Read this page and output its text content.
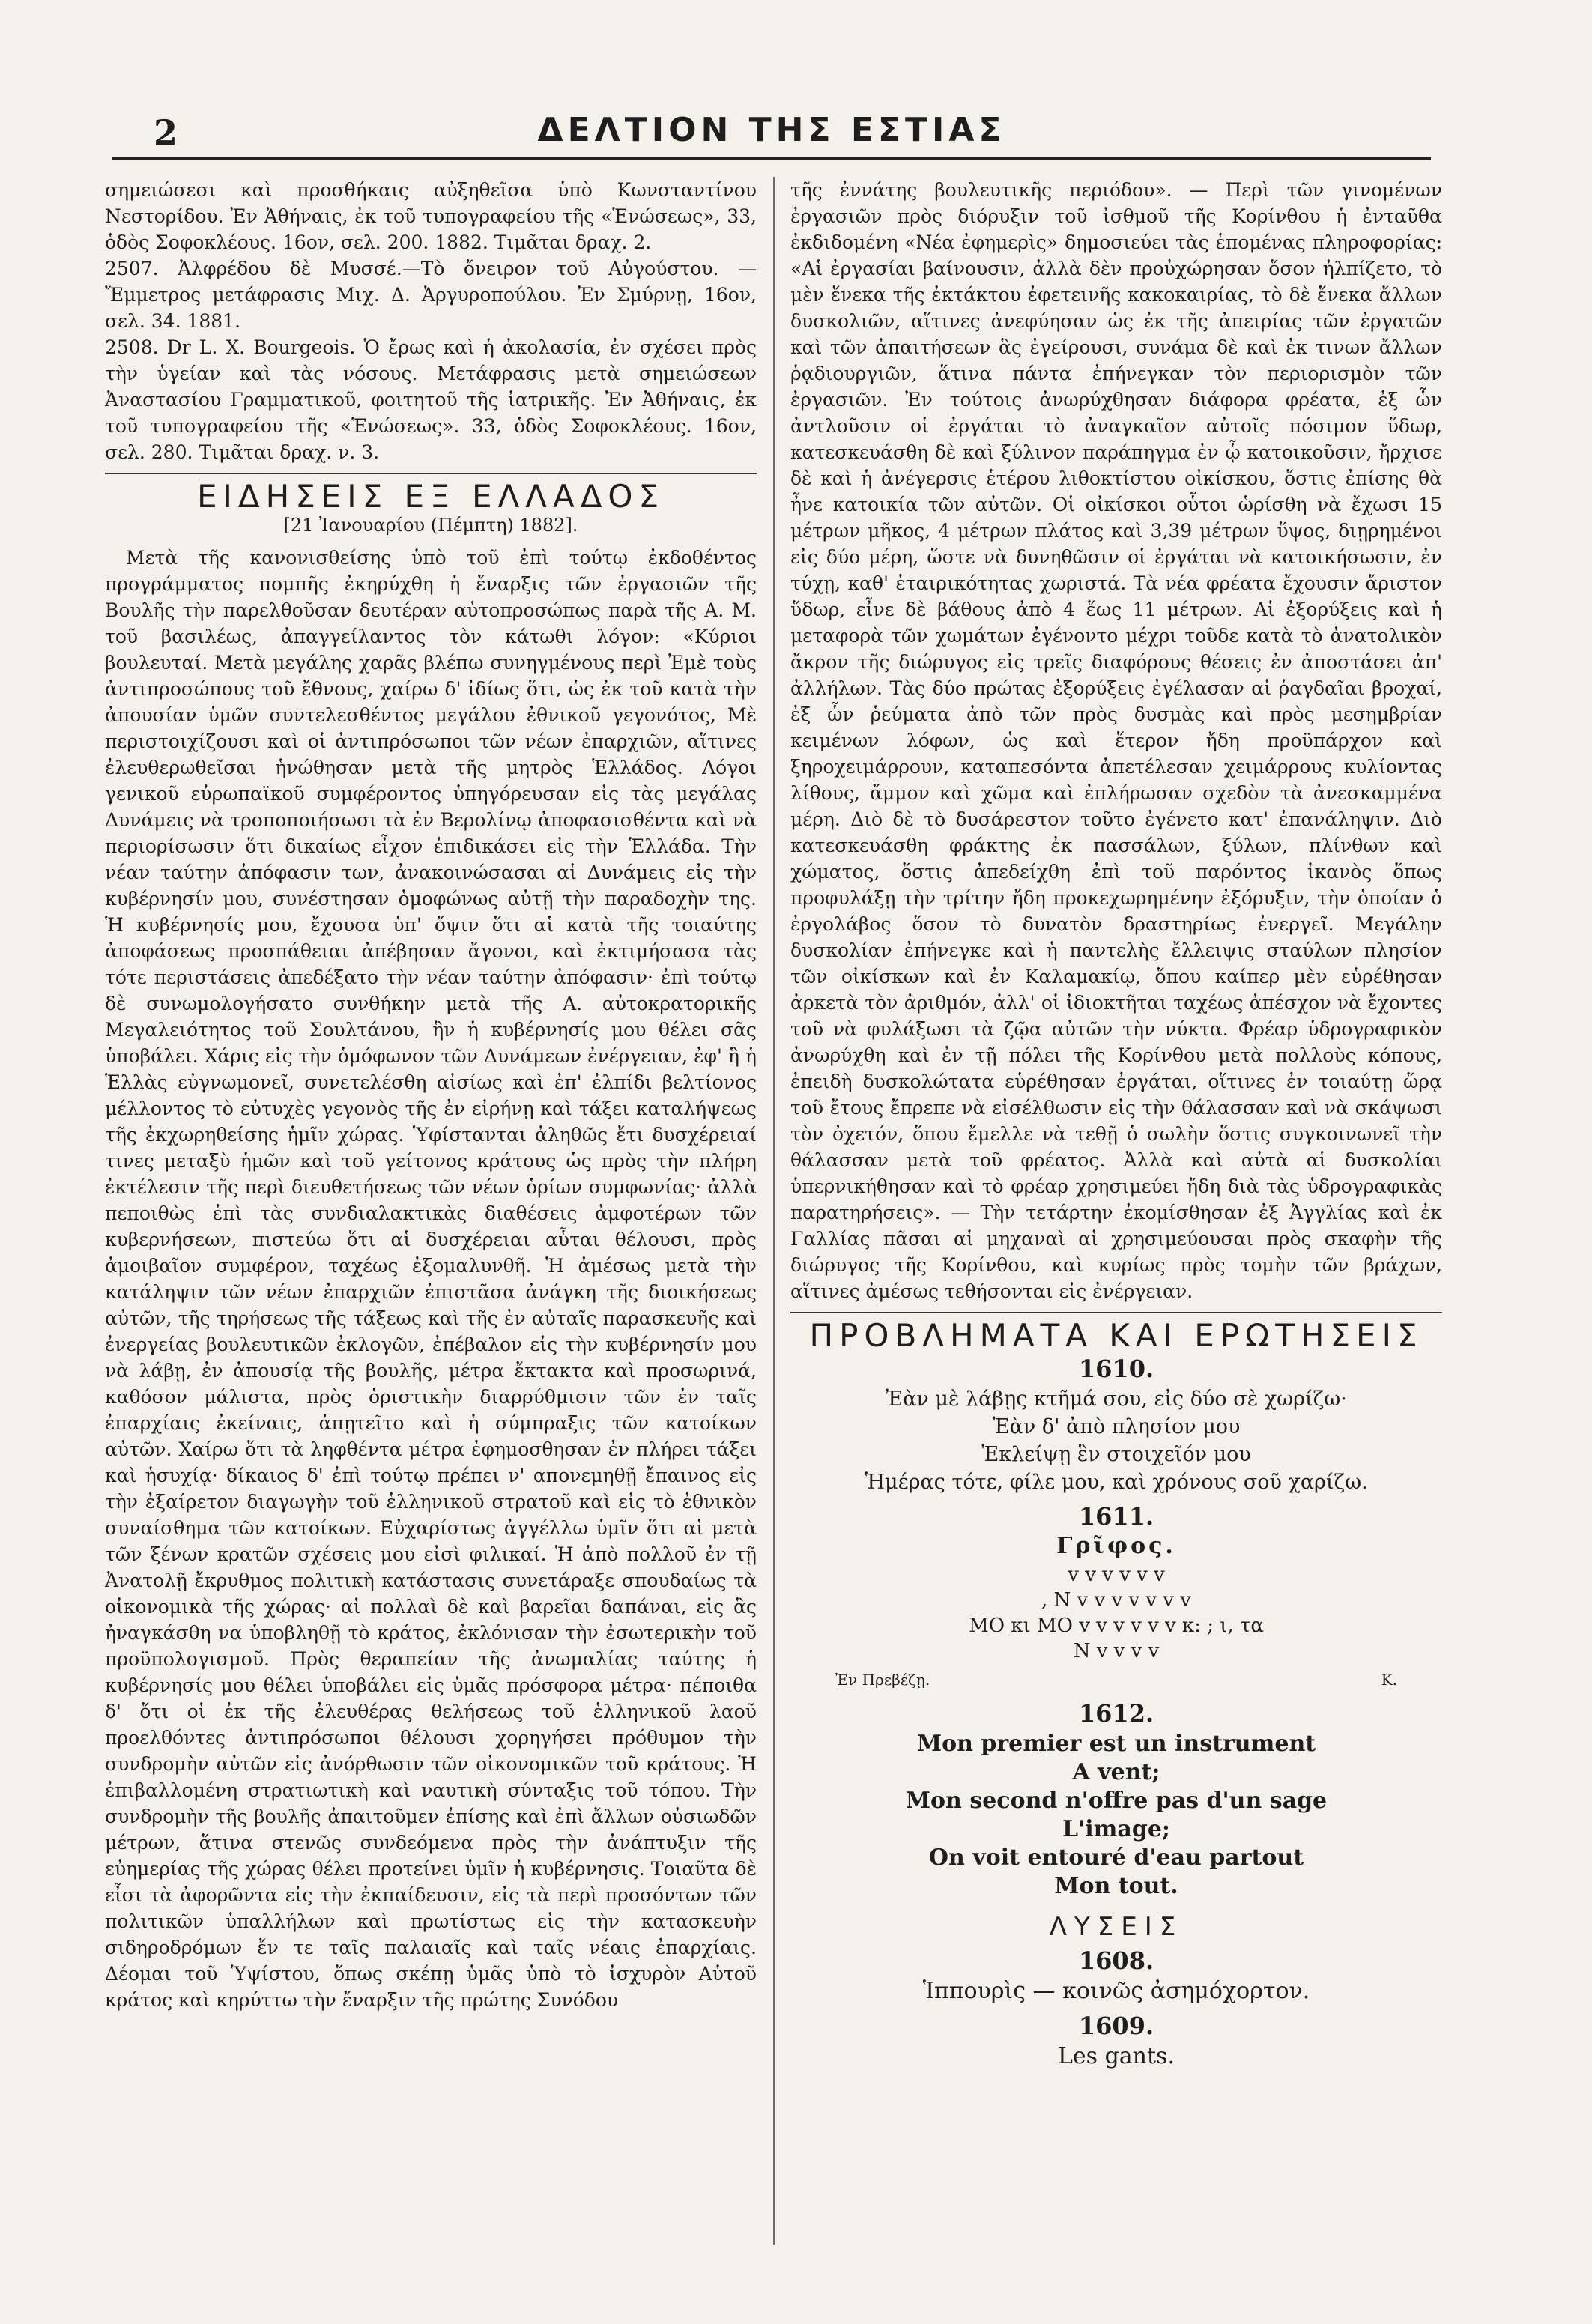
2	ΔΕΛΤΙΟΝ ΤΗΣ ΕΣΤΙΑΣ

σημειώσεσι καὶ προσθήκαις αὐξηθεῖσα ὑπὸ Κωνσταντίνου Νεστορίδου. Ἐν Ἀθήναις, ἐκ τοῦ τυπογραφείου τῆς «Ἑνώσεως», 33, ὁδὸς Σοφοκλέους. 16ον, σελ. 200. 1882. Τιμᾶται δραχ. 2.

2507. Ἀλφρέδου δὲ Μυσσέ.—Τὸ ὄνειρον τοῦ Αὐγούστου. — Ἔμμετρος μετάφρασις Μιχ. Δ. Ἀργυροπούλου. Ἐν Σμύρνῃ, 16ον, σελ. 34. 1881.

2508. Dr L. X. Bourgeois. Ὁ ἔρως καὶ ἡ ἀκολασία, ἐν σχέσει πρὸς τὴν ὑγείαν καὶ τὰς νόσους. Μετάφρασις μετὰ σημειώσεων Ἀναστασίου Γραμματικοῦ, φοιτητοῦ τῆς ἰατρικῆς. Ἐν Ἀθήναις, ἐκ τοῦ τυπογραφείου τῆς «Ἑνώσεως». 33, ὁδὸς Σοφοκλέους. 16ον, σελ. 280. Τιμᾶται δραχ. ν. 3.

ΕΙΔΗΣΕΙΣ ΕΞ ΕΛΛΑΔΟΣ
[21 Ἰανουαρίου (Πέμπτη) 1882].

Μετὰ τῆς κανονισθείσης ὑπὸ τοῦ ἐπὶ τούτῳ ἐκδοθέντος προγράμματος πομπῆς ἐκηρύχθη ἡ ἔναρξις τῶν ἐργασιῶν τῆς Βουλῆς τὴν παρελθοῦσαν δευτέραν αὐτοπροσώπως παρὰ τῆς Α. Μ. τοῦ βασιλέως, ἀπαγγείλαντος τὸν κάτωθι λόγον: «Κύριοι βουλευταί. Μετὰ μεγάλης χαρᾶς βλέπω συνηγμένους περὶ Ἐμὲ τοὺς ἀντιπροσώπους τοῦ ἔθνους, χαίρω δ' ἰδίως ὅτι, ὡς ἐκ τοῦ κατὰ τὴν ἀπουσίαν ὑμῶν συντελεσθέντος μεγάλου ἐθνικοῦ γεγονότος, Μὲ περιστοιχίζουσι καὶ οἱ ἀντιπρόσωποι τῶν νέων ἐπαρχιῶν, αἵτινες ἐλευθερωθεῖσαι ἡνώθησαν μετὰ τῆς μητρὸς Ἑλλάδος. Λόγοι γενικοῦ εὐρωπαϊκοῦ συμφέροντος ὑπηγόρευσαν εἰς τὰς μεγάλας Δυνάμεις νὰ τροποποιήσωσι τὰ ἐν Βερολίνῳ ἀποφασισθέντα καὶ νὰ περιορίσωσιν ὅτι δικαίως εἶχον ἐπιδικάσει εἰς τὴν Ἑλλάδα. Τὴν νέαν ταύτην ἀπόφασιν των, ἀνακοινώσασαι αἱ Δυνάμεις εἰς τὴν κυβέρνησίν μου, συνέστησαν ὁμοφώνως αὐτῇ τὴν παραδοχὴν της. Ἡ κυβέρνησίς μου, ἔχουσα ὑπ' ὄψιν ὅτι αἱ κατὰ τῆς τοιαύτης ἀποφάσεως προσπάθειαι ἀπέβησαν ἄγονοι, καὶ ἐκτιμήσασα τὰς τότε περιστάσεις ἀπεδέξατο τὴν νέαν ταύτην ἀπόφασιν· ἐπὶ τούτῳ δὲ συνωμολογήσατο συνθήκην μετὰ τῆς Α. αὐτοκρατορικῆς Μεγαλειότητος τοῦ Σουλτάνου, ἣν ἡ κυβέρνησίς μου θέλει σᾶς ὑποβάλει. Χάρις εἰς τὴν ὁμόφωνον τῶν Δυνάμεων ἐνέργειαν, ἐφ' ἣ ἡ Ἑλλὰς εὐγνωμονεῖ, συνετελέσθη αἰσίως καὶ ἐπ' ἐλπίδι βελτίονος μέλλοντος τὸ εὐτυχὲς γεγονὸς τῆς ἐν εἰρήνῃ καὶ τάξει καταλήψεως τῆς ἐκχωρηθείσης ἡμῖν χώρας. Ὑφίστανται ἀληθῶς ἔτι δυσχέρειαί τινες μεταξὺ ἡμῶν καὶ τοῦ γείτονος κράτους ὡς πρὸς τὴν πλήρη ἐκτέλεσιν τῆς περὶ διευθετήσεως τῶν νέων ὁρίων συμφωνίας· ἀλλὰ πεποιθὼς ἐπὶ τὰς συνδιαλακτικὰς διαθέσεις ἀμφοτέρων τῶν κυβερνήσεων, πιστεύω ὅτι αἱ δυσχέρειαι αὗται θέλουσι, πρὸς ἀμοιβαῖον συμφέρον, ταχέως ἐξομαλυνθῆ. Ἡ ἀμέσως μετὰ τὴν κατάληψιν τῶν νέων ἐπαρχιῶν ἐπιστᾶσα ἀνάγκη τῆς διοικήσεως αὐτῶν, τῆς τηρήσεως τῆς τάξεως καὶ τῆς ἐν αὐταῖς παρασκευῆς καὶ ἐνεργείας βουλευτικῶν ἐκλογῶν, ἐπέβαλον εἰς τὴν κυβέρνησίν μου νὰ λάβῃ, ἐν ἀπουσίᾳ τῆς βουλῆς, μέτρα ἔκτακτα καὶ προσωρινά, καθόσον μάλιστα, πρὸς ὁριστικὴν διαρρύθμισιν τῶν ἐν ταῖς ἐπαρχίαις ἐκείναις, ἀπῃτεῖτο καὶ ἡ σύμπραξις τῶν κατοίκων αὐτῶν. Χαίρω ὅτι τὰ ληφθέντα μέτρα ἐφημοσθησαν ἐν πλήρει τάξει καὶ ἡσυχίᾳ· δίκαιος δ' ἐπὶ τούτῳ πρέπει ν' απονεμηθῇ ἔπαινος εἰς τὴν ἐξαίρετον διαγωγὴν τοῦ ἑλληνικοῦ στρατοῦ καὶ εἰς τὸ ἐθνικὸν συναίσθημα τῶν κατοίκων. Εὐχαρίστως ἀγγέλλω ὑμῖν ὅτι αἱ μετὰ τῶν ξένων κρατῶν σχέσεις μου εἰσὶ φιλικαί. Ἡ ἀπὸ πολλοῦ ἐν τῇ Ἀνατολῇ ἔκρυθμος πολιτικὴ κατάστασις συνετάραξε σπουδαίως τὰ οἰκονομικὰ τῆς χώρας· αἱ πολλαὶ δὲ καὶ βαρεῖαι δαπάναι, εἰς ἃς ἠναγκάσθη να ὑποβληθῇ τὸ κράτος, ἐκλόνισαν τὴν ἐσωτερικὴν τοῦ προϋπολογισμοῦ. Πρὸς θεραπείαν τῆς ἀνωμαλίας ταύτης ἡ κυβέρνησίς μου θέλει ὑποβάλει εἰς ὑμᾶς πρόσφορα μέτρα· πέποιθα δ' ὅτι οἱ ἐκ τῆς ἐλευθέρας θελήσεως τοῦ ἑλληνικοῦ λαοῦ προελθόντες ἀντιπρόσωποι θέλουσι χορηγήσει πρόθυμον τὴν συνδρομὴν αὐτῶν εἰς ἀνόρθωσιν τῶν οἰκονομικῶν τοῦ κράτους. Ἡ ἐπιβαλλομένη στρατιωτικὴ καὶ ναυτικὴ σύνταξις τοῦ τόπου. Τὴν συνδρομὴν τῆς βουλῆς ἀπαιτοῦμεν ἐπίσης καὶ ἐπὶ ἄλλων οὐσιωδῶν μέτρων, ἅτινα στενῶς συνδεόμενα πρὸς τὴν ἀνάπτυξιν τῆς εὐημερίας τῆς χώρας θέλει προτείνει ὑμῖν ἡ κυβέρνησις. Τοιαῦτα δὲ εἶσι τὰ ἀφορῶντα εἰς τὴν ἐκπαίδευσιν, εἰς τὰ περὶ προσόντων τῶν πολιτικῶν ὑπαλλήλων καὶ πρωτίστως εἰς τὴν κατασκευὴν σιδηροδρόμων ἔν τε ταῖς παλαιαῖς καὶ ταῖς νέαις ἐπαρχίαις. Δέομαι τοῦ Ὑψίστου, ὅπως σκέπῃ ὑμᾶς ὑπὸ τὸ ἰσχυρὸν Αὐτοῦ κράτος καὶ κηρύττω τὴν ἔναρξιν τῆς πρώτης Συνόδου

τῆς ἐννάτης βουλευτικῆς περιόδου». — Περὶ τῶν γινομένων ἐργασιῶν πρὸς διόρυξιν τοῦ ἰσθμοῦ τῆς Κορίνθου ἡ ἐνταῦθα ἐκδιδομένη «Νέα ἐφημερὶς» δημοσιεύει τὰς ἑπομένας πληροφορίας: «Αἱ ἐργασίαι βαίνουσιν, ἀλλὰ δὲν προὐχώρησαν ὅσον ἠλπίζετο, τὸ μὲν ἕνεκα τῆς ἐκτάκτου ἐφετεινῆς κακοκαιρίας, τὸ δὲ ἕνεκα ἄλλων δυσκολιῶν, αἵτινες ἀνεφύησαν ὡς ἐκ τῆς ἀπειρίας τῶν ἐργατῶν καὶ τῶν ἀπαιτήσεων ἃς ἐγείρουσι, συνάμα δὲ καὶ ἐκ τινων ἄλλων ῥᾳδιουργιῶν, ἅτινα πάντα ἐπήνεγκαν τὸν περιορισμὸν τῶν ἐργασιῶν. Ἐν τούτοις ἀνωρύχθησαν διάφορα φρέατα, ἐξ ὧν ἀντλοῦσιν οἱ ἐργάται τὸ ἀναγκαῖον αὐτοῖς πόσιμον ὕδωρ, κατεσκευάσθη δὲ καὶ ξύλινον παράπηγμα ἐν ᾧ κατοικοῦσιν, ἤρχισε δὲ καὶ ἡ ἀνέγερσις ἑτέρου λιθοκτίστου οἰκίσκου, ὅστις ἐπίσης θὰ ἦνε κατοικία τῶν αὐτῶν. Οἱ οἰκίσκοι οὗτοι ὡρίσθη νὰ ἔχωσι 15 μέτρων μῆκος, 4 μέτρων πλάτος καὶ 3,39 μέτρων ὕψος, διῃρημένοι εἰς δύο μέρη, ὥστε νὰ δυνηθῶσιν οἱ ἐργάται νὰ κατοικήσωσιν, ἐν τύχῃ, καθ' ἑταιρικότητας χωριστά. Τὰ νέα φρέατα ἔχουσιν ἄριστον ὕδωρ, εἶνε δὲ βάθους ἀπὸ 4 ἕως 11 μέτρων. Αἱ ἐξορύξεις καὶ ἡ μεταφορὰ τῶν χωμάτων ἐγένοντο μέχρι τοῦδε κατὰ τὸ ἀνατολικὸν ἄκρον τῆς διώρυγος εἰς τρεῖς διαφόρους θέσεις ἐν ἀποστάσει ἀπ' ἀλλήλων. Τὰς δύο πρώτας ἐξορύξεις ἐγέλασαν αἱ ῥαγδαῖαι βροχαί, ἐξ ὧν ῥεύματα ἀπὸ τῶν πρὸς δυσμὰς καὶ πρὸς μεσημβρίαν κειμένων λόφων, ὡς καὶ ἕτερον ἤδη προϋπάρχον καὶ ξηροχειμάρρουν, καταπεσόντα ἀπετέλεσαν χειμάρρους κυλίοντας λίθους, ἄμμον καὶ χῶμα καὶ ἐπλήρωσαν σχεδὸν τὰ ἀνεσκαμμένα μέρη. Διὸ δὲ τὸ δυσάρεστον τοῦτο ἐγένετο κατ' ἐπανάληψιν. Διὸ κατεσκευάσθη φράκτης ἐκ πασσάλων, ξύλων, πλίνθων καὶ χώματος, ὅστις ἀπεδείχθη ἐπὶ τοῦ παρόντος ἱκανὸς ὅπως προφυλάξῃ τὴν τρίτην ἤδη προκεχωρημένην ἐξόρυξιν, τὴν ὁποίαν ὁ ἐργολάβος ὅσον τὸ δυνατὸν δραστηρίως ἐνεργεῖ. Μεγάλην δυσκολίαν ἐπήνεγκε καὶ ἡ παντελὴς ἔλλειψις σταύλων πλησίον τῶν οἰκίσκων καὶ ἐν Καλαμακίῳ, ὅπου καίπερ μὲν εὑρέθησαν ἀρκετὰ τὸν ἀριθμόν, ἀλλ' οἱ ἰδιοκτῆται ταχέως ἀπέσχον νὰ ἔχοντες τοῦ νὰ φυλάξωσι τὰ ζῷα αὐτῶν τὴν νύκτα. Φρέαρ ὑδρογραφικὸν ἀνωρύχθη καὶ ἐν τῇ πόλει τῆς Κορίνθου μετὰ πολλοὺς κόπους, ἐπειδὴ δυσκολώτατα εὑρέθησαν ἐργάται, οἵτινες ἐν τοιαύτῃ ὥρᾳ τοῦ ἔτους ἔπρεπε νὰ εἰσέλθωσιν εἰς τὴν θάλασσαν καὶ νὰ σκάψωσι τὸν ὀχετόν, ὅπου ἔμελλε νὰ τεθῇ ὁ σωλὴν ὅστις συγκοινωνεῖ τὴν θάλασσαν μετὰ τοῦ φρέατος. Ἀλλὰ καὶ αὐτὰ αἱ δυσκολίαι ὑπερνικήθησαν καὶ τὸ φρέαρ χρησιμεύει ἤδη διὰ τὰς ὑδρογραφικὰς παρατηρήσεις». — Τὴν τετάρτην ἐκομίσθησαν ἐξ Ἀγγλίας καὶ ἐκ Γαλλίας πᾶσαι αἱ μηχαναὶ αἱ χρησιμεύουσαι πρὸς σκαφὴν τῆς διώρυγος τῆς Κορίνθου, καὶ κυρίως πρὸς τομὴν τῶν βράχων, αἵτινες ἀμέσως τεθήσονται εἰς ἐνέργειαν.

ΠΡΟΒΛΗΜΑΤΑ ΚΑΙ ΕΡΩΤΗΣΕΙΣ
1610.
Ἐὰν μὲ λάβῃς κτῆμά σου, εἰς δύο σὲ χωρίζω·
Ἐὰν δ' ἀπὸ πλησίον μου
Ἐκλείψῃ ἓν στοιχεῖόν μου
Ἡμέρας τότε, φίλε μου, καὶ χρόνους σοῦ χαρίζω.
1611.
Γρῖφος.
v v v v v v
, N v v v v v v v
ΜΟ κι ΜΟ v v v v v v κ: ; ι, τα
N v v v v
Ἐν Πρεβέζῃ.	K.
1612.
Mon premier est un instrument
A vent;
Mon second n'offre pas d'un sage
L'image;
On voit entouré d'eau partout
Mon tout.
ΛΥΣΕΙΣ
1608.
Ἱππουρὶς — κοινῶς ἀσημόχορτον.
1609.
Les gants.
